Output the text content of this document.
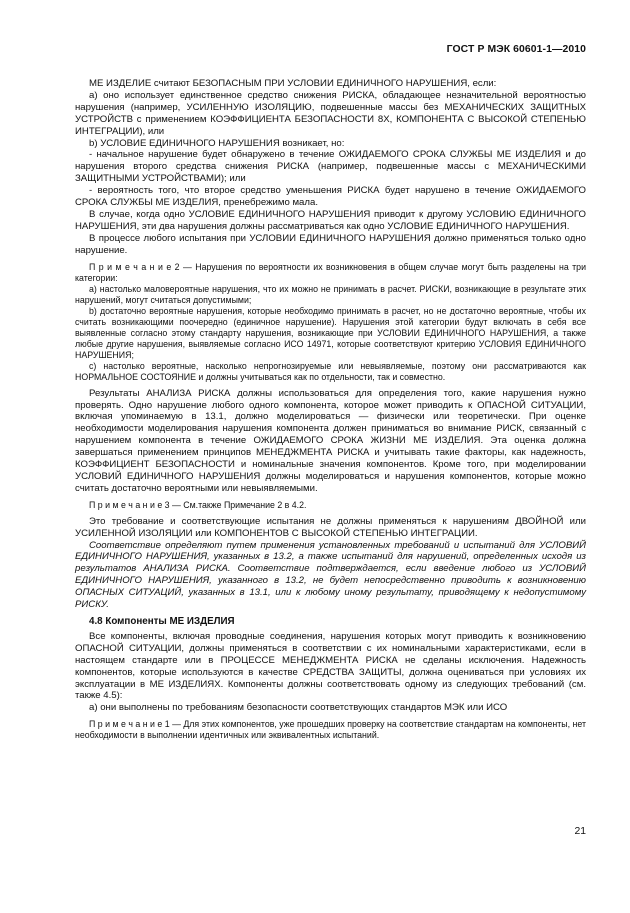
ГОСТ Р МЭК 60601-1—2010

МЕ ИЗДЕЛИЕ считают БЕЗОПАСНЫМ ПРИ УСЛОВИИ ЕДИНИЧНОГО НАРУШЕНИЯ, если:

а) оно использует единственное средство снижения РИСКА, обладающее незначительной вероятностью нарушения (например, УСИЛЕННУЮ ИЗОЛЯЦИЮ, подвешенные массы без МЕХАНИЧЕСКИХ ЗАЩИТНЫХ УСТРОЙСТВ с применением КОЭФФИЦИЕНТА БЕЗОПАСНОСТИ 8X, КОМПОНЕНТА С ВЫСОКОЙ СТЕПЕНЬЮ ИНТЕГРАЦИИ), или

b) УСЛОВИЕ ЕДИНИЧНОГО НАРУШЕНИЯ возникает, но:

- начальное нарушение будет обнаружено в течение ОЖИДАЕМОГО СРОКА СЛУЖБЫ МЕ ИЗДЕЛИЯ и до нарушения второго средства снижения РИСКА (например, подвешенные массы с МЕХАНИЧЕСКИМИ ЗАЩИТНЫМИ УСТРОЙСТВАМИ); или

- вероятность того, что второе средство уменьшения РИСКА будет нарушено в течение ОЖИДАЕМОГО СРОКА СЛУЖБЫ МЕ ИЗДЕЛИЯ, пренебрежимо мала.

В случае, когда одно УСЛОВИЕ ЕДИНИЧНОГО НАРУШЕНИЯ приводит к другому УСЛОВИЮ ЕДИНИЧНОГО НАРУШЕНИЯ, эти два нарушения должны рассматриваться как одно УСЛОВИЕ ЕДИНИЧНОГО НАРУШЕНИЯ.

В процессе любого испытания при УСЛОВИИ ЕДИНИЧНОГО НАРУШЕНИЯ должно применяться только одно нарушение.

П р и м е ч а н и е 2 — Нарушения по вероятности их возникновения в общем случае могут быть разделены на три категории:

а) настолько маловероятные нарушения, что их можно не принимать в расчет. РИСКИ, возникающие в результате этих нарушений, могут считаться допустимыми;

b) достаточно вероятные нарушения, которые необходимо принимать в расчет, но не достаточно вероятные, чтобы их считать возникающими поочередно (единичное нарушение). Нарушения этой категории будут включать в себя все выявленные согласно этому стандарту нарушения, возникающие при УСЛОВИИ ЕДИНИЧНОГО НАРУШЕНИЯ, а также любые другие нарушения, выявляемые согласно ИСО 14971, которые соответствуют критерию УСЛОВИЯ ЕДИНИЧНОГО НАРУШЕНИЯ;

c) настолько вероятные, насколько непрогнозируемые или невыявляемые, поэтому они рассматриваются как НОРМАЛЬНОЕ СОСТОЯНИЕ и должны учитываться как по отдельности, так и совместно.

Результаты АНАЛИЗА РИСКА должны использоваться для определения того, какие нарушения нужно проверять. Одно нарушение любого одного компонента, которое может приводить к ОПАСНОЙ СИТУАЦИИ, включая упоминаемую в 13.1, должно моделироваться — физически или теоретически. При оценке необходимости моделирования нарушения компонента должен приниматься во внимание РИСК, связанный с нарушением компонента в течение ОЖИДАЕМОГО СРОКА ЖИЗНИ МЕ ИЗДЕЛИЯ. Эта оценка должна завершаться применением принципов МЕНЕДЖМЕНТА РИСКА и учитывать такие факторы, как надежность, КОЭФФИЦИЕНТ БЕЗОПАСНОСТИ и номинальные значения компонентов. Кроме того, при моделировании УСЛОВИЙ ЕДИНИЧНОГО НАРУШЕНИЯ должны моделироваться и нарушения компонентов, которые можно считать достаточно вероятными или невыявляемыми.

П р и м е ч а н и е 3 — См.также Примечание 2 в 4.2.

Это требование и соответствующие испытания не должны применяться к нарушениям ДВОЙНОЙ или УСИЛЕННОЙ ИЗОЛЯЦИИ или КОМПОНЕНТОВ С ВЫСОКОЙ СТЕПЕНЬЮ ИНТЕГРАЦИИ.

Соответствие определяют путем применения установленных требований и испытаний для УСЛОВИЙ ЕДИНИЧНОГО НАРУШЕНИЯ, указанных в 13.2, а также испытаний для нарушений, определенных исходя из результатов АНАЛИЗА РИСКА. Соответствие подтверждается, если введение любого из УСЛОВИЙ ЕДИНИЧНОГО НАРУШЕНИЯ, указанного в 13.2, не будет непосредственно приводить к возникновению ОПАСНЫХ СИТУАЦИЙ, указанных в 13.1, или к любому иному результату, приводящему к недопустимому РИСКУ.

4.8 Компоненты МЕ ИЗДЕЛИЯ

Все компоненты, включая проводные соединения, нарушения которых могут приводить к возникновению ОПАСНОЙ СИТУАЦИИ, должны применяться в соответствии с их номинальными характеристиками, если в настоящем стандарте или в ПРОЦЕССЕ МЕНЕДЖМЕНТА РИСКА не сделаны исключения. Надежность компонентов, которые используются в качестве СРЕДСТВА ЗАЩИТЫ, должна оцениваться при условиях их эксплуатации в МЕ ИЗДЕЛИЯХ. Компоненты должны соответствовать одному из следующих требований (см. также 4.5):

а) они выполнены по требованиям безопасности соответствующих стандартов МЭК или ИСО

П р и м е ч а н и е 1 — Для этих компонентов, уже прошедших проверку на соответствие стандартам на компоненты, нет необходимости в выполнении идентичных или эквивалентных испытаний.

21
